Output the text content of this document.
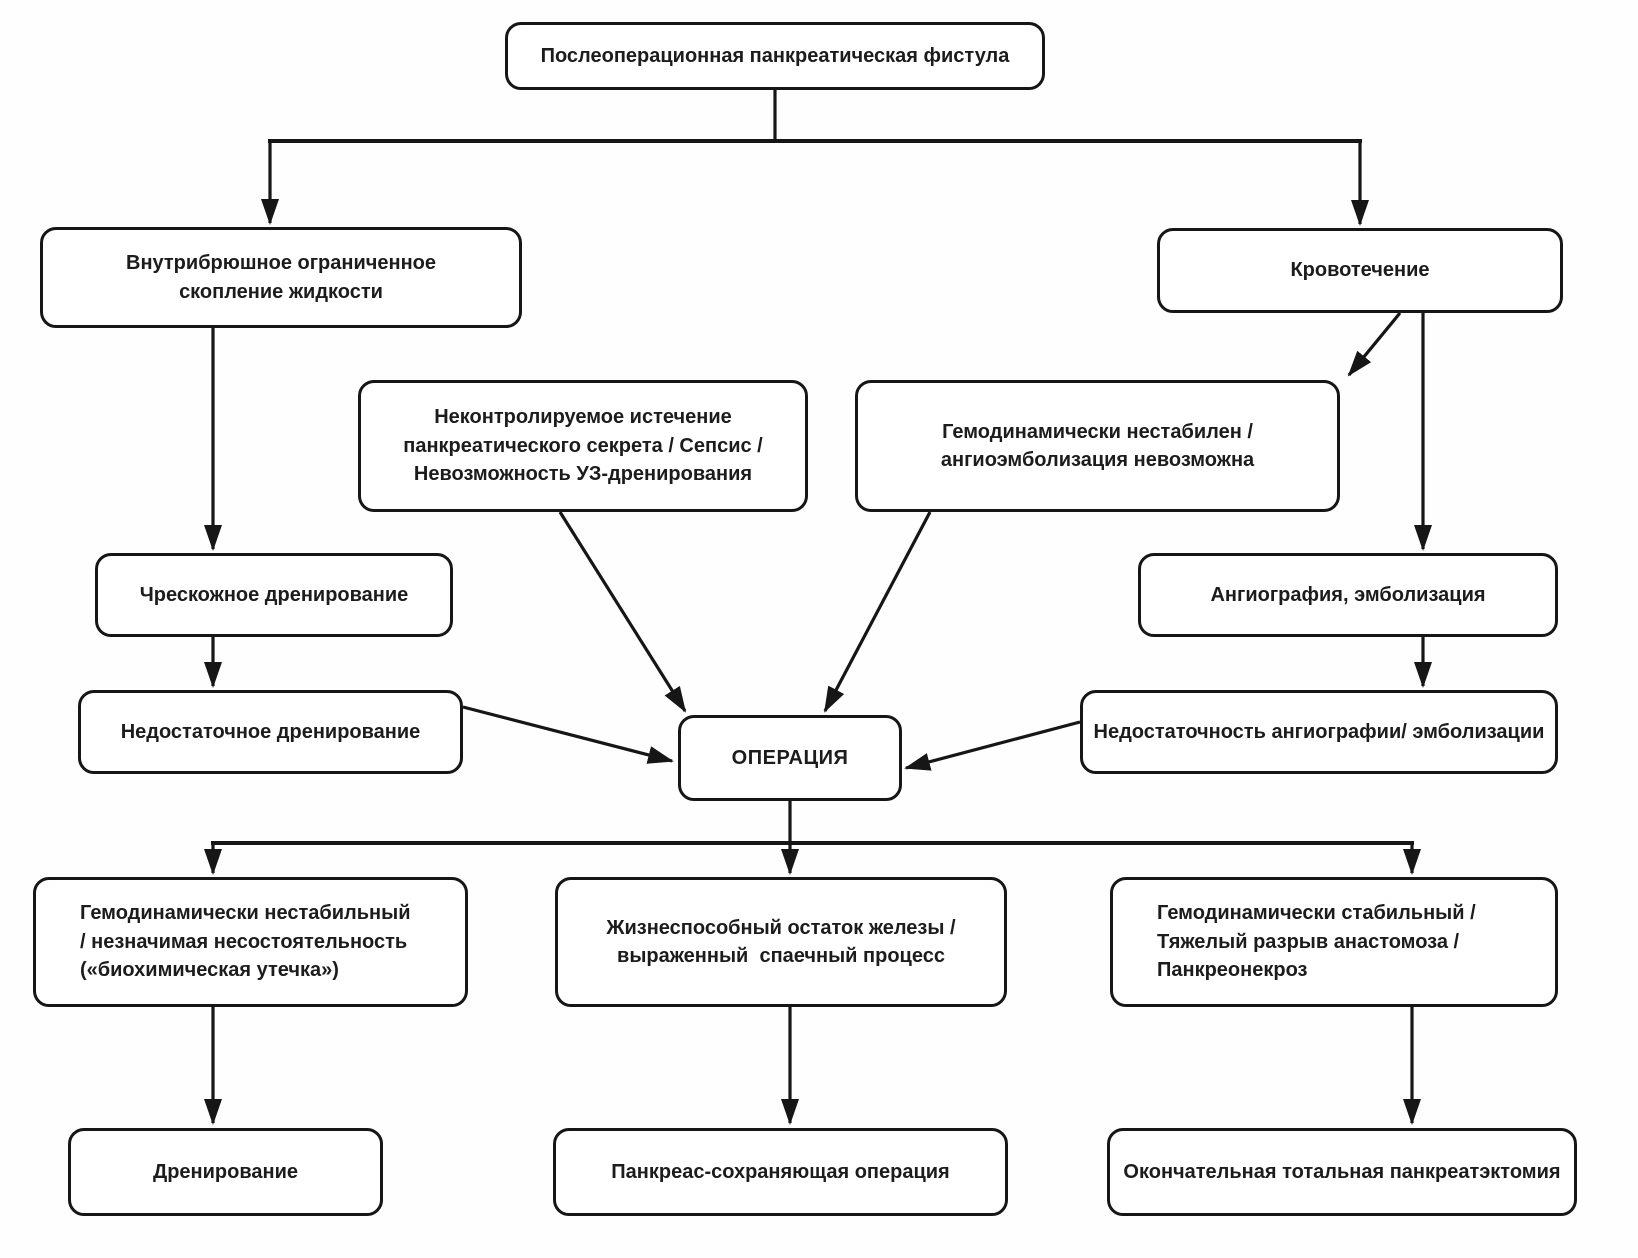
Послеоперационная панкреатическая фистула
Внутрибрюшное ограниченное
скопление жидкости
Кровотечение
Неконтролируемое истечение
панкреатического секрета / Сепсис /
Невозможность УЗ-дренирования
Гемодинамически нестабилен /
ангиоэмболизация невозможна
Чрескожное дренирование	Ангиография, эмболизация
Недостаточное дренирование
ОПЕРАЦИЯ
Недостаточность ангиографии/ эмболизации
Гемодинамически нестабильный
/ незначимая несостоятельность
(«биохимическая утечка»)
Жизнеспособный остаток железы /
выраженный  спаечный процесс
Гемодинамически стабильный /
Тяжелый разрыв анастомоза /
Панкреонекроз
Дренирование	Панкреас-сохраняющая операция	Окончательная тотальная панкреатэктомия
